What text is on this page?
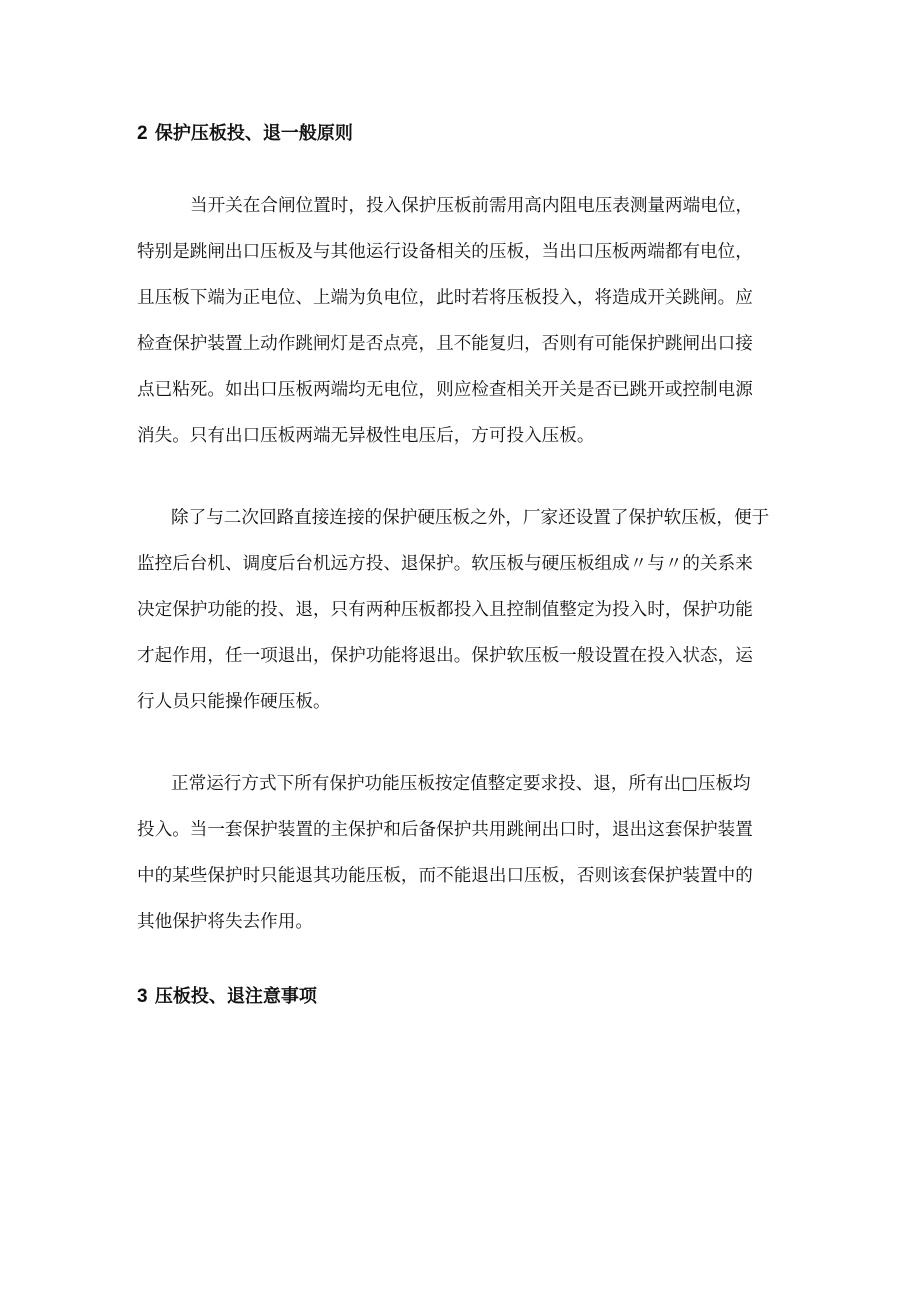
2 保护压板投、退一般原则
当开关在合闸位置时，投入保护压板前需用高内阻电压表测量两端电位，
特别是跳闸出口压板及与其他运行设备相关的压板，当出口压板两端都有电位，
且压板下端为正电位、上端为负电位，此时若将压板投入，将造成开关跳闸。应
检查保护装置上动作跳闸灯是否点亮，且不能复归，否则有可能保护跳闸出口接
点已粘死。如出口压板两端均无电位，则应检查相关开关是否已跳开或控制电源
消失。只有出口压板两端无异极性电压后，方可投入压板。
除了与二次回路直接连接的保护硬压板之外，厂家还设置了保护软压板，便于
监控后台机、调度后台机远方投、退保护。软压板与硬压板组成〃与〃的关系来
决定保护功能的投、退，只有两种压板都投入且控制值整定为投入时，保护功能
才起作用，任一项退出，保护功能将退出。保护软压板一般设置在投入状态，运
行人员只能操作硬压板。
正常运行方式下所有保护功能压板按定值整定要求投、退，所有出□压板均
投入。当一套保护装置的主保护和后备保护共用跳闸出口时，退出这套保护装置
中的某些保护时只能退其功能压板，而不能退出口压板，否则该套保护装置中的
其他保护将失去作用。
3 压板投、退注意事项
